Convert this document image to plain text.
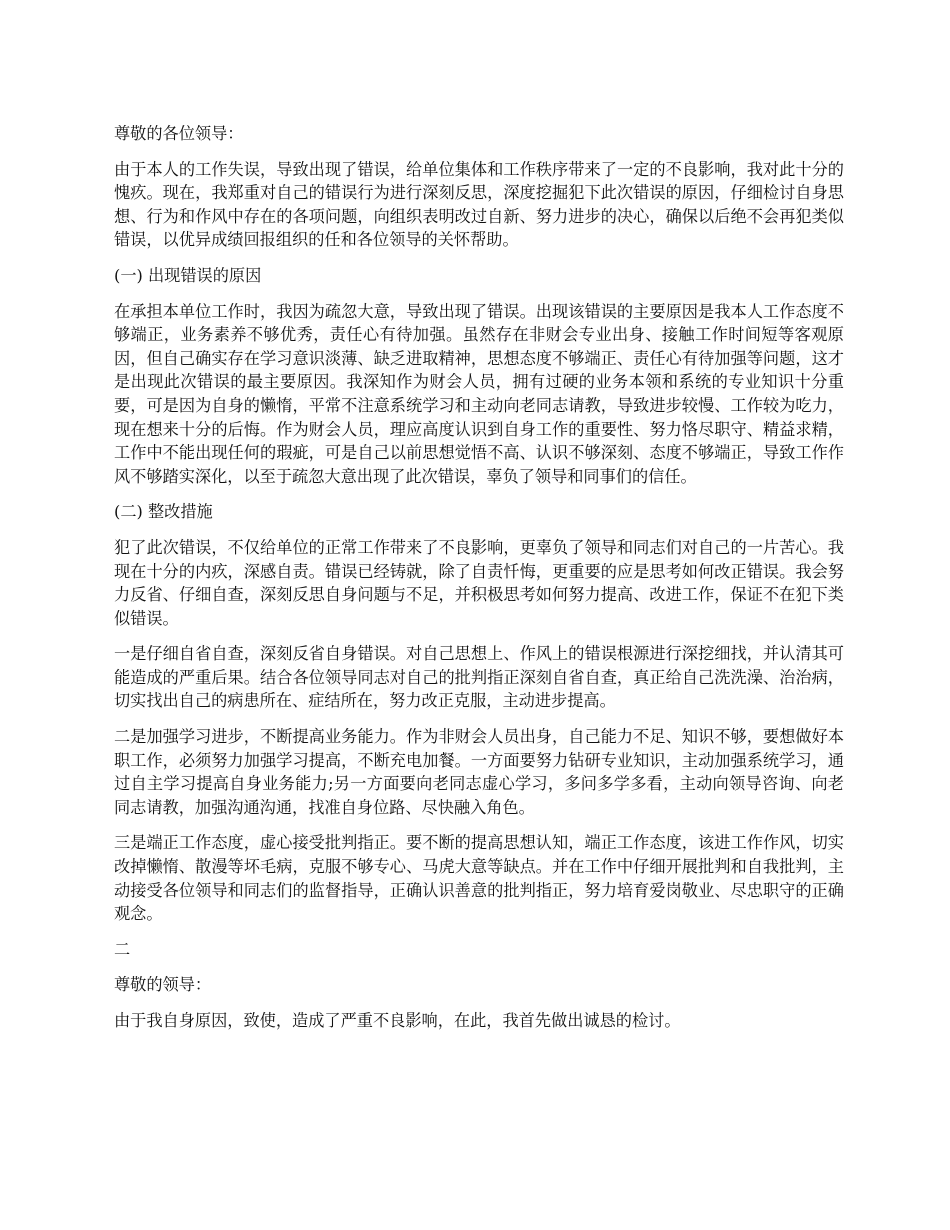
尊敬的各位领导：

由于本人的工作失误，导致出现了错误，给单位集体和工作秩序带来了一定的不良影响，我对此十分的愧疚。现在，我郑重对自己的错误行为进行深刻反思，深度挖掘犯下此次错误的原因，仔细检讨自身思想、行为和作风中存在的各项问题，向组织表明改过自新、努力进步的决心，确保以后绝不会再犯类似错误，以优异成绩回报组织的任和各位领导的关怀帮助。

(一) 出现错误的原因

在承担本单位工作时，我因为疏忽大意，导致出现了错误。出现该错误的主要原因是我本人工作态度不够端正，业务素养不够优秀，责任心有待加强。虽然存在非财会专业出身、接触工作时间短等客观原因，但自己确实存在学习意识淡薄、缺乏进取精神，思想态度不够端正、责任心有待加强等问题，这才是出现此次错误的最主要原因。我深知作为财会人员，拥有过硬的业务本领和系统的专业知识十分重要，可是因为自身的懒惰，平常不注意系统学习和主动向老同志请教，导致进步较慢、工作较为吃力，现在想来十分的后悔。作为财会人员，理应高度认识到自身工作的重要性、努力恪尽职守、精益求精，工作中不能出现任何的瑕疵，可是自己以前思想觉悟不高、认识不够深刻、态度不够端正，导致工作作风不够踏实深化，以至于疏忽大意出现了此次错误，辜负了领导和同事们的信任。

(二) 整改措施

犯了此次错误，不仅给单位的正常工作带来了不良影响，更辜负了领导和同志们对自己的一片苦心。我现在十分的内疚，深感自责。错误已经铸就，除了自责忏悔，更重要的应是思考如何改正错误。我会努力反省、仔细自查，深刻反思自身问题与不足，并积极思考如何努力提高、改进工作，保证不在犯下类似错误。

一是仔细自省自查，深刻反省自身错误。对自己思想上、作风上的错误根源进行深挖细找，并认清其可能造成的严重后果。结合各位领导同志对自己的批判指正深刻自省自查，真正给自己洗洗澡、治治病，切实找出自己的病患所在、症结所在，努力改正克服，主动进步提高。

二是加强学习进步，不断提高业务能力。作为非财会人员出身，自己能力不足、知识不够，要想做好本职工作，必须努力加强学习提高，不断充电加餐。一方面要努力钻研专业知识，主动加强系统学习，通过自主学习提高自身业务能力;另一方面要向老同志虚心学习，多问多学多看，主动向领导咨询、向老同志请教，加强沟通沟通，找准自身位路、尽快融入角色。

三是端正工作态度，虚心接受批判指正。要不断的提高思想认知，端正工作态度，该进工作作风，切实改掉懒惰、散漫等坏毛病，克服不够专心、马虎大意等缺点。并在工作中仔细开展批判和自我批判，主动接受各位领导和同志们的监督指导，正确认识善意的批判指正，努力培育爱岗敬业、尽忠职守的正确观念。

二

尊敬的领导：

由于我自身原因，致使，造成了严重不良影响，在此，我首先做出诚恳的检讨。
